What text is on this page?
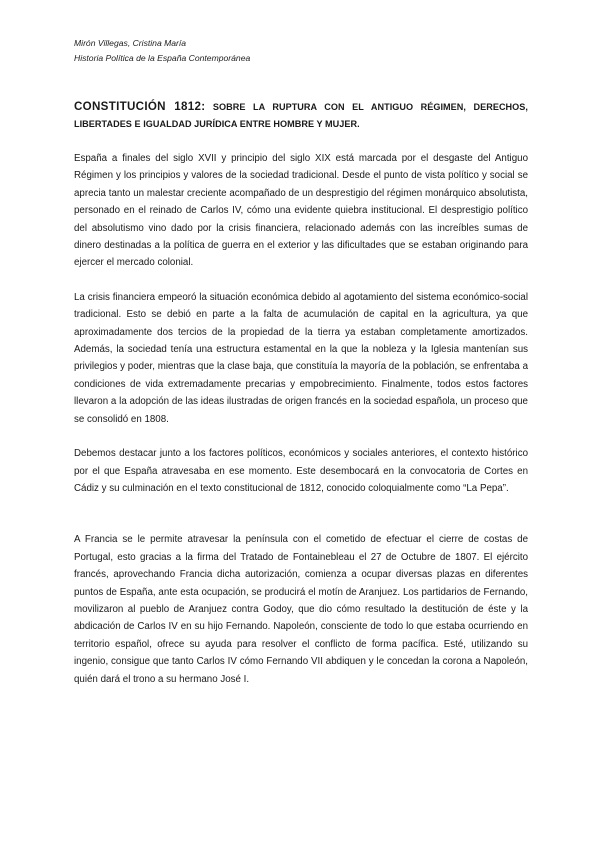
Mirón Villegas, Cristina María
Historia Política de la España Contemporánea
CONSTITUCIÓN 1812: SOBRE LA RUPTURA CON EL ANTIGUO RÉGIMEN, DERECHOS, LIBERTADES E IGUALDAD JURÍDICA ENTRE HOMBRE Y MUJER.

España a finales del siglo XVII y principio del siglo XIX está marcada por el desgaste del Antiguo Régimen y los principios y valores de la sociedad tradicional. Desde el punto de vista político y social se aprecia tanto un malestar creciente acompañado de un desprestigio del régimen monárquico absolutista, personado en el reinado de Carlos IV, cómo una evidente quiebra institucional. El desprestigio político del absolutismo vino dado por la crisis financiera, relacionado además con las increíbles sumas de dinero destinadas a la política de guerra en el exterior y las dificultades que se estaban originando para ejercer el mercado colonial.

La crisis financiera empeoró la situación económica debido al agotamiento del sistema económico-social tradicional. Esto se debió en parte a la falta de acumulación de capital en la agricultura, ya que aproximadamente dos tercios de la propiedad de la tierra ya estaban completamente amortizados. Además, la sociedad tenía una estructura estamental en la que la nobleza y la Iglesia mantenían sus privilegios y poder, mientras que la clase baja, que constituía la mayoría de la población, se enfrentaba a condiciones de vida extremadamente precarias y empobrecimiento. Finalmente, todos estos factores llevaron a la adopción de las ideas ilustradas de origen francés en la sociedad española, un proceso que se consolidó en 1808.

Debemos destacar junto a los factores políticos, económicos y sociales anteriores, el contexto histórico por el que España atravesaba en ese momento. Este desembocará en la convocatoria de Cortes en Cádiz y su culminación en el texto constitucional de 1812, conocido coloquialmente como “La Pepa”.

A Francia se le permite atravesar la península con el cometido de efectuar el cierre de costas de Portugal, esto gracias a la firma del Tratado de Fontainebleau el 27 de Octubre de 1807. El ejército francés, aprovechando Francia dicha autorización, comienza a ocupar diversas plazas en diferentes puntos de España, ante esta ocupación, se producirá el motín de Aranjuez. Los partidarios de Fernando, movilizaron al pueblo de Aranjuez contra Godoy, que dio cómo resultado la destitución de éste y la abdicación de Carlos IV en su hijo Fernando. Napoleón, consciente de todo lo que estaba ocurriendo en territorio español, ofrece su ayuda para resolver el conflicto de forma pacífica. Esté, utilizando su ingenio, consigue que tanto Carlos IV cómo Fernando VII abdiquen y le concedan la corona a Napoleón, quién dará el trono a su hermano José I.
